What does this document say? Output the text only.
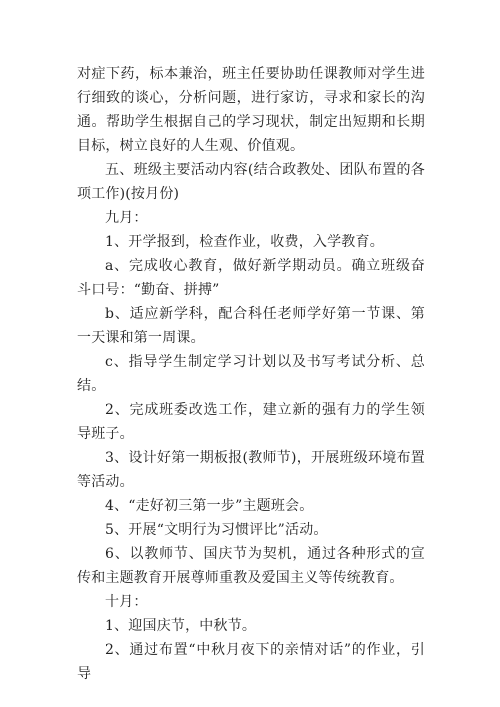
对症下药，标本兼治，班主任要协助任课教师对学生进行细致的谈心，分析问题，进行家访，寻求和家长的沟通。帮助学生根据自己的学习现状，制定出短期和长期目标，树立良好的人生观、价值观。

五、班级主要活动内容(结合政教处、团队布置的各项工作)(按月份)

九月：

1、开学报到，检查作业，收费，入学教育。

a、完成收心教育，做好新学期动员。确立班级奋斗口号：“勤奋、拼搏”

b、适应新学科，配合科任老师学好第一节课、第一天课和第一周课。

c、指导学生制定学习计划以及书写考试分析、总结。

2、完成班委改选工作，建立新的强有力的学生领导班子。

3、设计好第一期板报(教师节)，开展班级环境布置等活动。

4、“走好初三第一步”主题班会。

5、开展“文明行为习惯评比”活动。

6、以教师节、国庆节为契机，通过各种形式的宣传和主题教育开展尊师重教及爱国主义等传统教育。

十月：

1、迎国庆节，中秋节。

2、通过布置“中秋月夜下的亲情对话”的作业，引导
